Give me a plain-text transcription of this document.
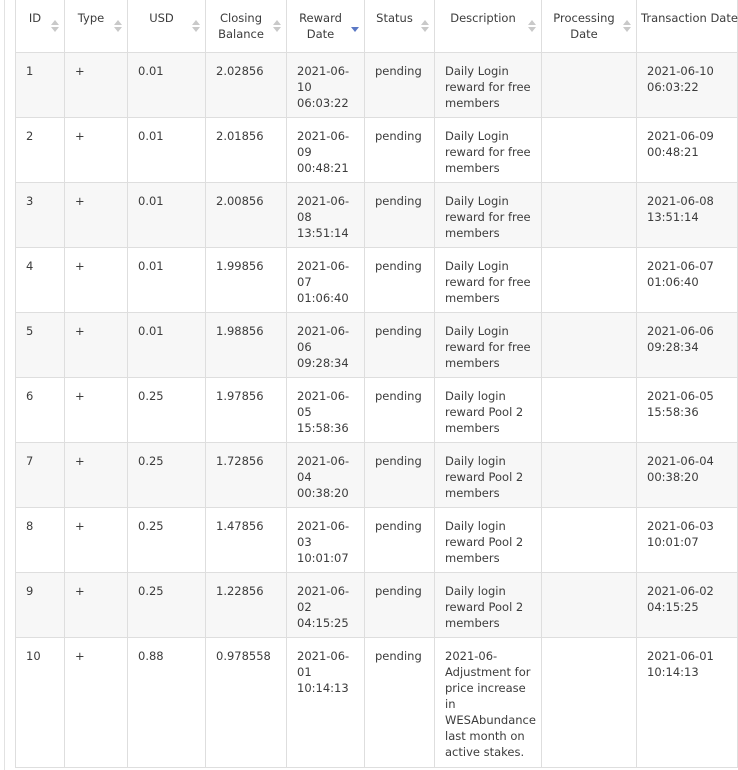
ID	Type	USD	Closing Balance	Reward Date	Status	Description	Processing Date	Transaction Date

1	+	0.01	2.02856	2021-06-10 06:03:22	pending	Daily Login reward for free members		2021-06-10 06:03:22
2	+	0.01	2.01856	2021-06-09 00:48:21	pending	Daily Login reward for free members		2021-06-09 00:48:21
3	+	0.01	2.00856	2021-06-08 13:51:14	pending	Daily Login reward for free members		2021-06-08 13:51:14
4	+	0.01	1.99856	2021-06-07 01:06:40	pending	Daily Login reward for free members		2021-06-07 01:06:40
5	+	0.01	1.98856	2021-06-06 09:28:34	pending	Daily Login reward for free members		2021-06-06 09:28:34
6	+	0.25	1.97856	2021-06-05 15:58:36	pending	Daily login reward Pool 2 members		2021-06-05 15:58:36
7	+	0.25	1.72856	2021-06-04 00:38:20	pending	Daily login reward Pool 2 members		2021-06-04 00:38:20
8	+	0.25	1.47856	2021-06-03 10:01:07	pending	Daily login reward Pool 2 members		2021-06-03 10:01:07
9	+	0.25	1.22856	2021-06-02 04:15:25	pending	Daily login reward Pool 2 members		2021-06-02 04:15:25
10	+	0.88	0.978558	2021-06-01 10:14:13	pending	2021-06- Adjustment for price increase in WESAbundance last month on active stakes.		2021-06-01 10:14:13
